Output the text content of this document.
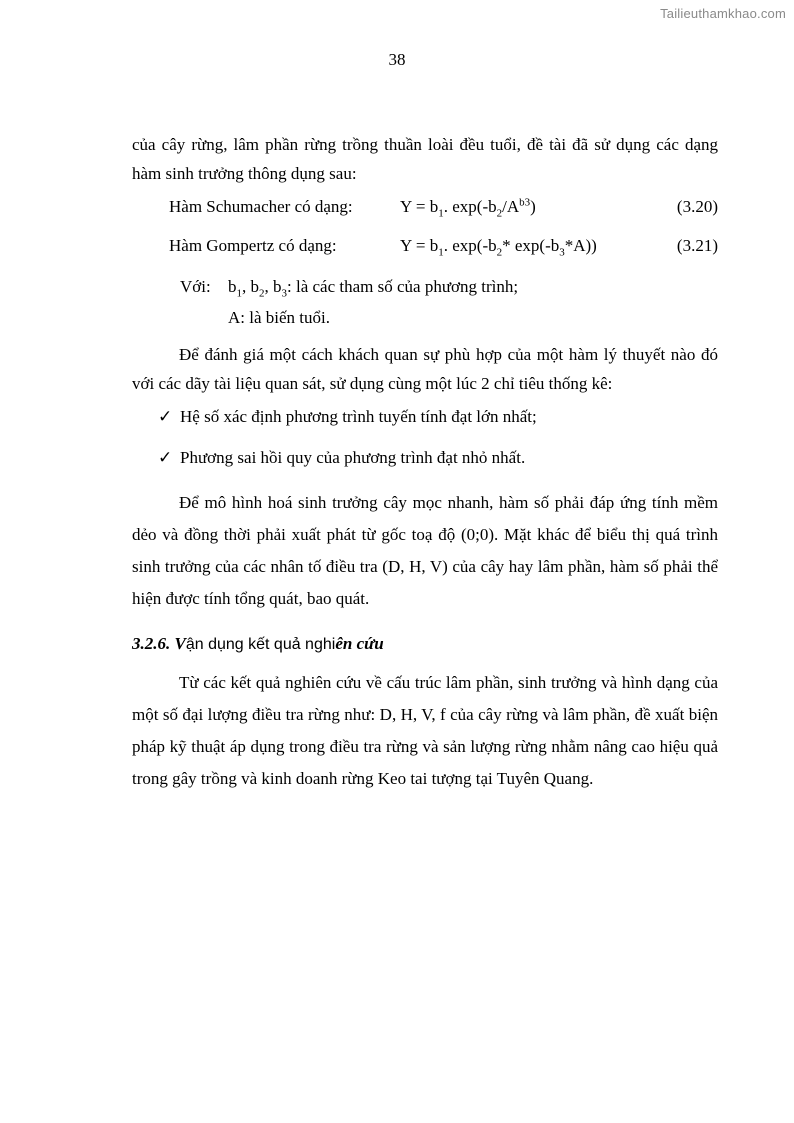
Tailieuthamkhao.com
38

của cây rừng, lâm phần rừng trồng thuần loài đều tuổi, đề tài đã sử dụng các dạng hàm sinh trưởng thông dụng sau:

Hàm Schumacher có dạng:	$Y = b_1$. $\exp(-b_2/A^{b3})$	(3.20)
Hàm Gompertz có dạng:	$Y = b_1$. $\exp(-b_2*$ $\exp(-b_3*A)$)	(3.21)
Với: $b_1$, $b_2$, $b_3$: là các tham số của phương trình;
A: là biến tuổi.

Để đánh giá một cách khách quan sự phù hợp của một hàm lý thuyết nào đó với các dãy tài liệu quan sát, sử dụng cùng một lúc 2 chỉ tiêu thống kê:

✓ Hệ số xác định phương trình tuyến tính đạt lớn nhất;
✓ Phương sai hồi quy của phương trình đạt nhỏ nhất.

Để mô hình hoá sinh trưởng cây mọc nhanh, hàm số phải đáp ứng tính mềm dẻo và đồng thời phải xuất phát từ gốc toạ độ (0;0). Mặt khác để biểu thị quá trình sinh trưởng của các nhân tố điều tra (D, H, V) của cây hay lâm phần, hàm số phải thể hiện được tính tổng quát, bao quát.

3.2.6. Vận dụng kết quả nghiên cứu

Từ các kết quả nghiên cứu về cấu trúc lâm phần, sinh trưởng và hình dạng của một số đại lượng điều tra rừng như: D, H, V, f của cây rừng và lâm phần, đề xuất biện pháp kỹ thuật áp dụng trong điều tra rừng và sản lượng rừng nhằm nâng cao hiệu quả trong gây trồng và kinh doanh rừng Keo tai tượng tại Tuyên Quang.
